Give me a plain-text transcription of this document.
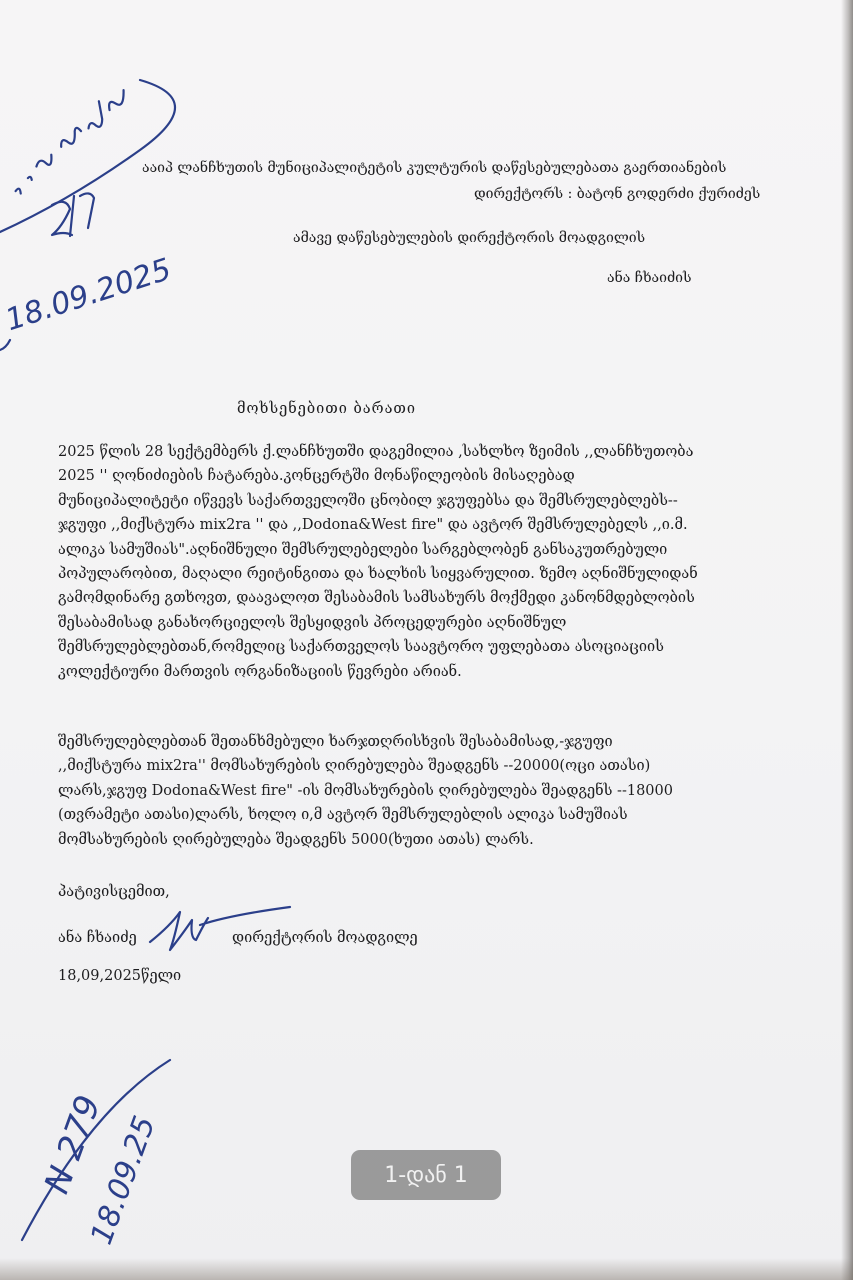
ააიპ ლანჩხუთის მუნიციპალიტეტის კულტურის დაწესებულებათა გაერთიანების
დირექტორს : ბატონ გოდერძი ქურიძეს
ამავე დაწესებულების დირექტორის მოადგილის
ანა ჩხაიძის
მოხსენებითი ბარათი
2025 წლის 28 სექტემბერს ქ.ლანჩხუთში დაგემილია ,სახლხო ზეიმის ,,ლანჩხუთობა
2025 '' ღონიძიების ჩატარება.კონცერტში მონაწილეობის მისაღებად
მუნიციპალიტეტი იწვევს საქართველოში ცნობილ ჯგუფებსა და შემსრულებლებს--
ჯგუფი ,,მიქსტურა mix2ra '' და ,,Dodona&West fire" და ავტორ შემსრულებელს ,,ი.მ.
ალიკა სამუშიას".აღნიშნული შემსრულებელები სარგებლობენ განსაკუთრებული
პოპულარობით, მაღალი რეიტინგითა და ხალხის სიყვარულით. ზემო აღნიშნულიდან
გამომდინარე გთხოვთ, დაავალოთ შესაბამის სამსახურს მოქმედი კანონმდებლობის
შესაბამისად განახორციელოს შესყიდვის პროცედურები აღნიშნულ
შემსრულებლებთან,რომელიც საქართველოს საავტორო უფლებათა ასოციაციის
კოლექტიური მართვის ორგანიზაციის წევრები არიან.
შემსრულებლებთან შეთანხმებული ხარჯთღრისხვის შესაბამისად,-ჯგუფი
,,მიქსტურა mix2ra'' მომსახურების ღირებულება შეადგენს --20000(ოცი ათასი)
ლარს,ჯგუფ Dodona&West fire" -ის მომსახურების ღირებულება შეადგენს --18000
(თვრამეტი ათასი)ლარს, ხოლო ი,მ ავტორ შემსრულებლის ალიკა სამუშიას
მომსახურების ღირებულება შეადგენს 5000(ხუთი ათას) ლარს.
პატივისცემით,
ანა ჩხაიძე	დირექტორის მოადგილე
18,09,2025წელი
18.09.2025
N 279
18.09.25	1-დან 1
